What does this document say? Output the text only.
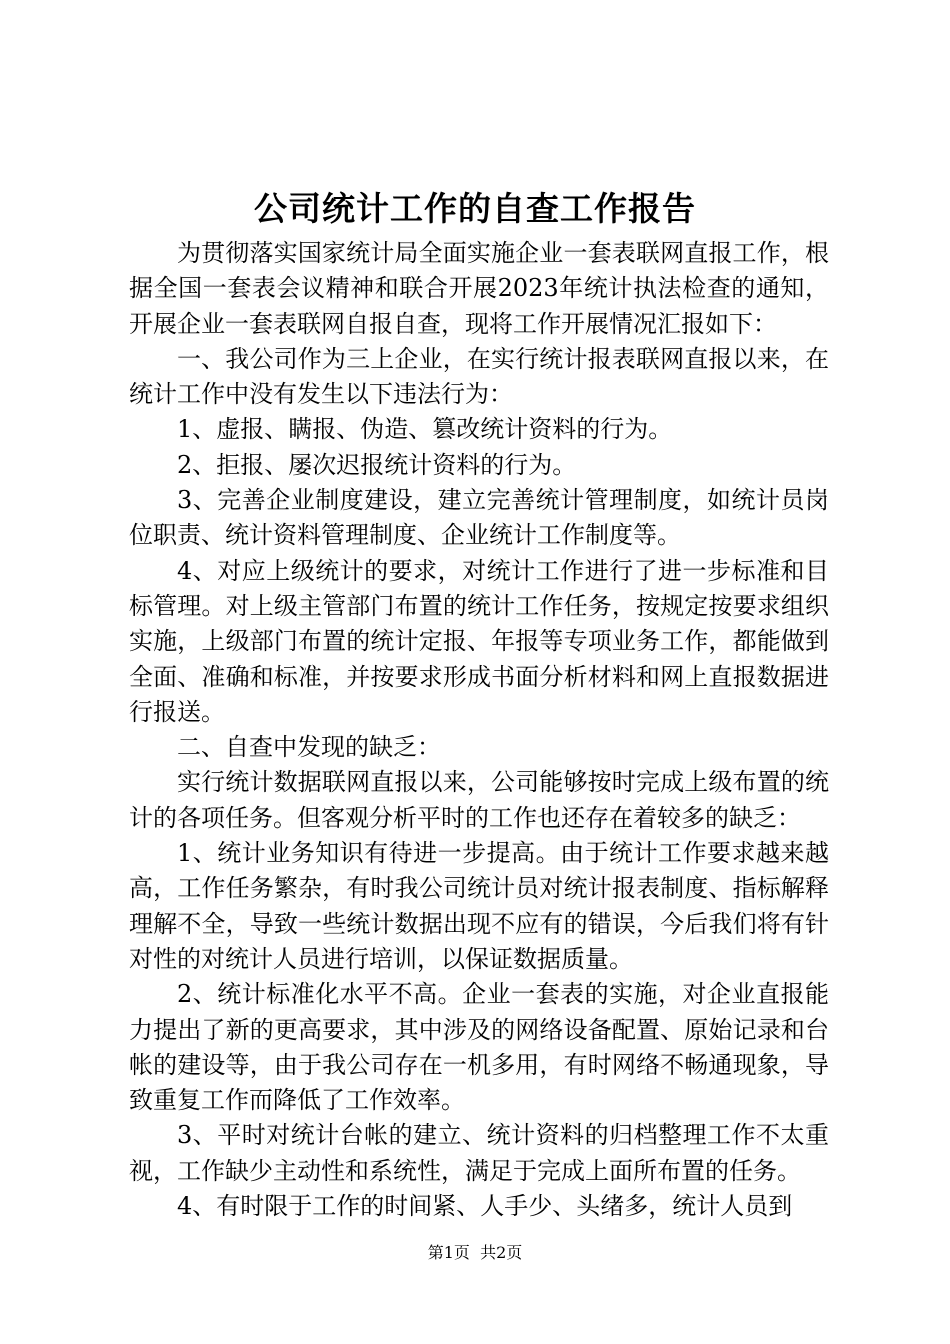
公司统计工作的自查工作报告

为贯彻落实国家统计局全面实施企业一套表联网直报工作，根据全国一套表会议精神和联合开展2023年统计执法检查的通知，开展企业一套表联网自报自查，现将工作开展情况汇报如下：

一、我公司作为三上企业，在实行统计报表联网直报以来，在统计工作中没有发生以下违法行为：

1、虚报、瞒报、伪造、篡改统计资料的行为。

2、拒报、屡次迟报统计资料的行为。

3、完善企业制度建设，建立完善统计管理制度，如统计员岗位职责、统计资料管理制度、企业统计工作制度等。

4、对应上级统计的要求，对统计工作进行了进一步标准和目标管理。对上级主管部门布置的统计工作任务，按规定按要求组织实施，上级部门布置的统计定报、年报等专项业务工作，都能做到全面、准确和标准，并按要求形成书面分析材料和网上直报数据进行报送。

二、自查中发现的缺乏：

实行统计数据联网直报以来，公司能够按时完成上级布置的统计的各项任务。但客观分析平时的工作也还存在着较多的缺乏：

1、统计业务知识有待进一步提高。由于统计工作要求越来越高，工作任务繁杂，有时我公司统计员对统计报表制度、指标解释理解不全，导致一些统计数据出现不应有的错误，今后我们将有针对性的对统计人员进行培训，以保证数据质量。

2、统计标准化水平不高。企业一套表的实施，对企业直报能力提出了新的更高要求，其中涉及的网络设备配置、原始记录和台帐的建设等，由于我公司存在一机多用，有时网络不畅通现象，导致重复工作而降低了工作效率。

3、平时对统计台帐的建立、统计资料的归档整理工作不太重视，工作缺少主动性和系统性，满足于完成上面所布置的任务。

4、有时限于工作的时间紧、人手少、头绪多，统计人员到

第1页 共2页
